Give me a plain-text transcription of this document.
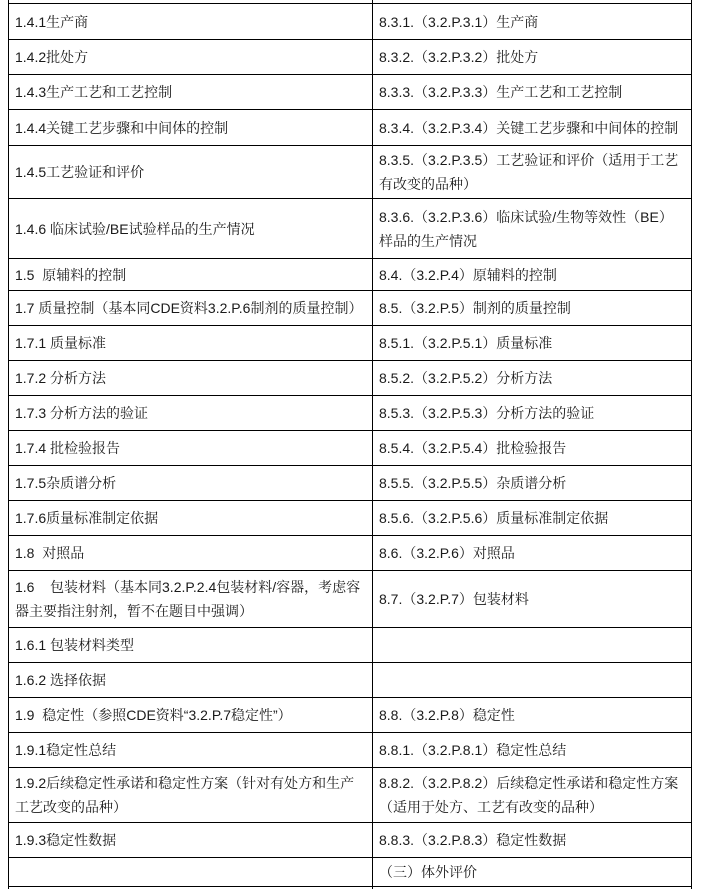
1.4.1生产商	8.3.1.（3.2.P.3.1）生产商
1.4.2批处方	8.3.2.（3.2.P.3.2）批处方
1.4.3生产工艺和工艺控制	8.3.3.（3.2.P.3.3）生产工艺和工艺控制
1.4.4关键工艺步骤和中间体的控制	8.3.4.（3.2.P.3.4）关键工艺步骤和中间体的控制
1.4.5工艺验证和评价	8.3.5.（3.2.P.3.5）工艺验证和评价（适用于工艺有改变的品种）
1.4.6 临床试验/BE试验样品的生产情况	8.3.6.（3.2.P.3.6）临床试验/生物等效性（BE）样品的生产情况
1.5  原辅料的控制	8.4.（3.2.P.4）原辅料的控制
1.7 质量控制（基本同CDE资料3.2.P.6制剂的质量控制）	8.5.（3.2.P.5）制剂的质量控制
1.7.1 质量标准	8.5.1.（3.2.P.5.1）质量标准
1.7.2 分析方法	8.5.2.（3.2.P.5.2）分析方法
1.7.3 分析方法的验证	8.5.3.（3.2.P.5.3）分析方法的验证
1.7.4 批检验报告	8.5.4.（3.2.P.5.4）批检验报告
1.7.5杂质谱分析	8.5.5.（3.2.P.5.5）杂质谱分析
1.7.6质量标准制定依据	8.5.6.（3.2.P.5.6）质量标准制定依据
1.8  对照品	8.6.（3.2.P.6）对照品
1.6    包装材料（基本同3.2.P.2.4包装材料/容器，考虑容器主要指注射剂，暂不在题目中强调）	8.7.（3.2.P.7）包装材料
1.6.1 包装材料类型	
1.6.2 选择依据	
1.9  稳定性（参照CDE资料“3.2.P.7稳定性”）	8.8.（3.2.P.8）稳定性
1.9.1稳定性总结	8.8.1.（3.2.P.8.1）稳定性总结
1.9.2后续稳定性承诺和稳定性方案（针对有处方和生产工艺改变的品种）	8.8.2.（3.2.P.8.2）后续稳定性承诺和稳定性方案（适用于处方、工艺有改变的品种）
1.9.3稳定性数据	8.8.3.（3.2.P.8.3）稳定性数据
	（三）体外评价
